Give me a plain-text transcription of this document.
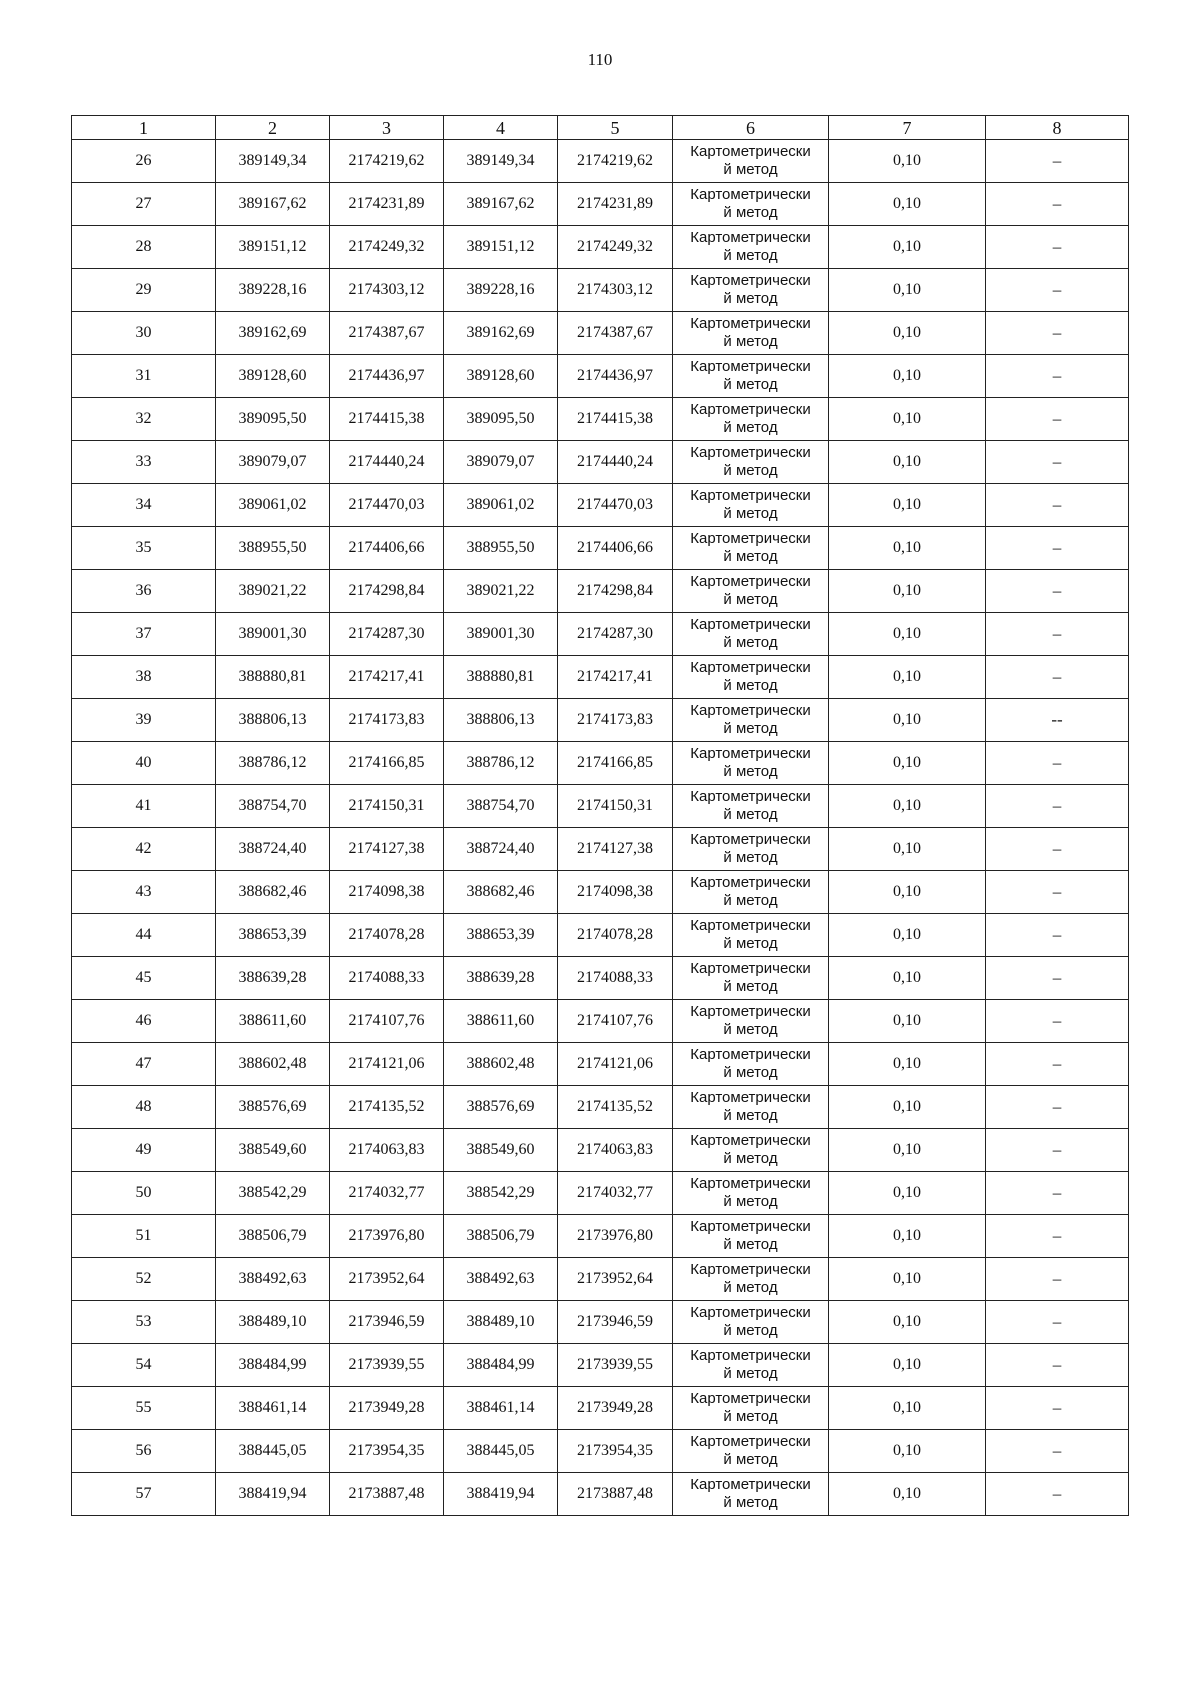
110
1	2	3	4	5	6	7	8
26	389149,34	2174219,62	389149,34	2174219,62	Картометрический метод	0,10	–
27	389167,62	2174231,89	389167,62	2174231,89	Картометрический метод	0,10	–
28	389151,12	2174249,32	389151,12	2174249,32	Картометрический метод	0,10	–
29	389228,16	2174303,12	389228,16	2174303,12	Картометрический метод	0,10	–
30	389162,69	2174387,67	389162,69	2174387,67	Картометрический метод	0,10	–
31	389128,60	2174436,97	389128,60	2174436,97	Картометрический метод	0,10	–
32	389095,50	2174415,38	389095,50	2174415,38	Картометрический метод	0,10	–
33	389079,07	2174440,24	389079,07	2174440,24	Картометрический метод	0,10	–
34	389061,02	2174470,03	389061,02	2174470,03	Картометрический метод	0,10	–
35	388955,50	2174406,66	388955,50	2174406,66	Картометрический метод	0,10	–
36	389021,22	2174298,84	389021,22	2174298,84	Картометрический метод	0,10	–
37	389001,30	2174287,30	389001,30	2174287,30	Картометрический метод	0,10	–
38	388880,81	2174217,41	388880,81	2174217,41	Картометрический метод	0,10	–
39	388806,13	2174173,83	388806,13	2174173,83	Картометрический метод	0,10	--
40	388786,12	2174166,85	388786,12	2174166,85	Картометрический метод	0,10	–
41	388754,70	2174150,31	388754,70	2174150,31	Картометрический метод	0,10	–
42	388724,40	2174127,38	388724,40	2174127,38	Картометрический метод	0,10	–
43	388682,46	2174098,38	388682,46	2174098,38	Картометрический метод	0,10	–
44	388653,39	2174078,28	388653,39	2174078,28	Картометрический метод	0,10	–
45	388639,28	2174088,33	388639,28	2174088,33	Картометрический метод	0,10	–
46	388611,60	2174107,76	388611,60	2174107,76	Картометрический метод	0,10	–
47	388602,48	2174121,06	388602,48	2174121,06	Картометрический метод	0,10	–
48	388576,69	2174135,52	388576,69	2174135,52	Картометрический метод	0,10	–
49	388549,60	2174063,83	388549,60	2174063,83	Картометрический метод	0,10	–
50	388542,29	2174032,77	388542,29	2174032,77	Картометрический метод	0,10	–
51	388506,79	2173976,80	388506,79	2173976,80	Картометрический метод	0,10	–
52	388492,63	2173952,64	388492,63	2173952,64	Картометрический метод	0,10	–
53	388489,10	2173946,59	388489,10	2173946,59	Картометрический метод	0,10	–
54	388484,99	2173939,55	388484,99	2173939,55	Картометрический метод	0,10	–
55	388461,14	2173949,28	388461,14	2173949,28	Картометрический метод	0,10	–
56	388445,05	2173954,35	388445,05	2173954,35	Картометрический метод	0,10	–
57	388419,94	2173887,48	388419,94	2173887,48	Картометрический метод	0,10	–
